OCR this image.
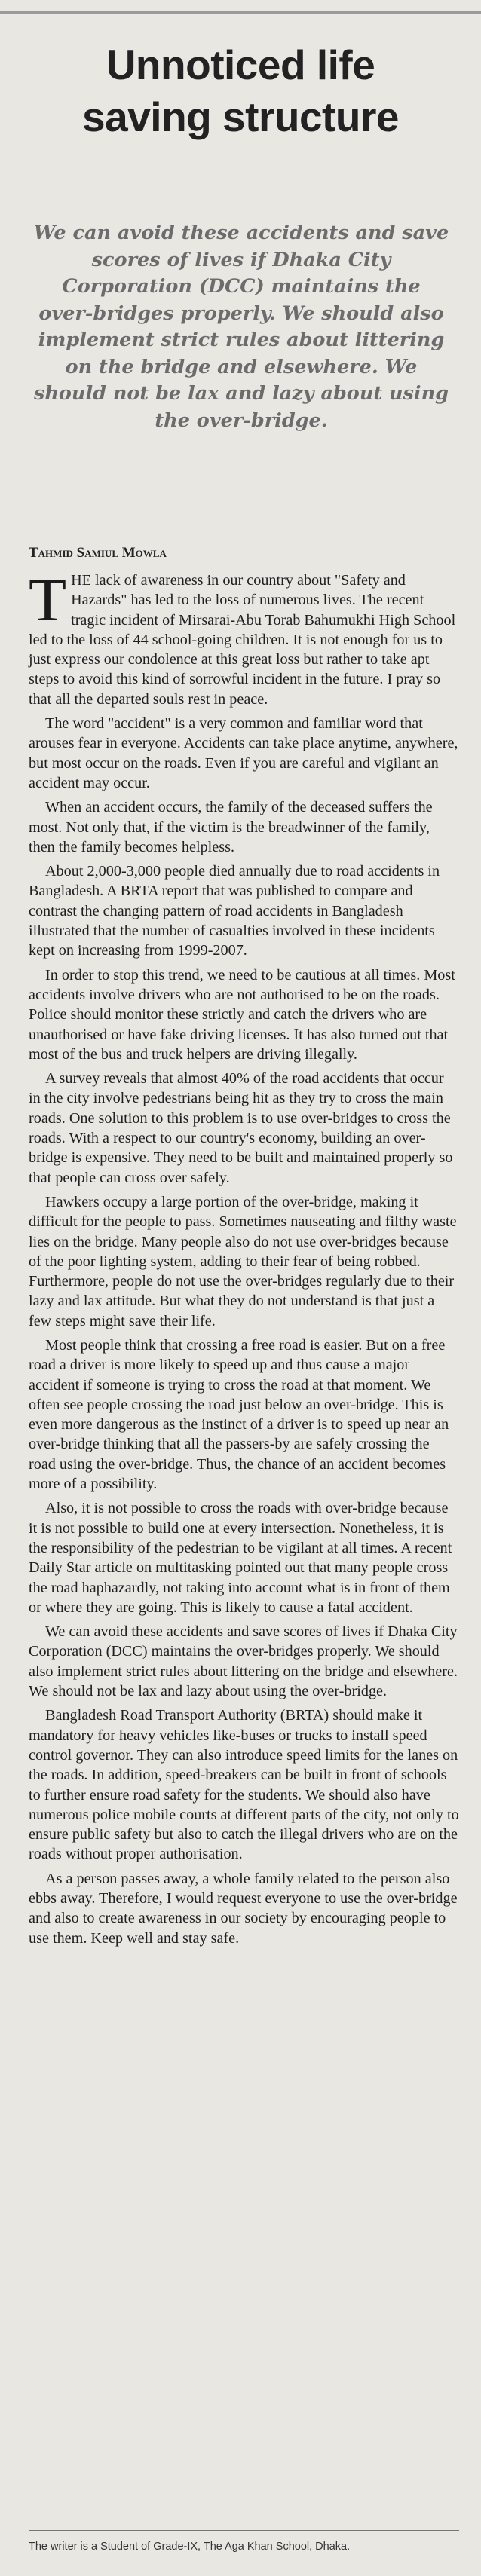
Unnoticed life
saving structure
We can avoid these accidents and save scores of lives if Dhaka City Corporation (DCC) maintains the over-bridges properly. We should also implement strict rules about littering on the bridge and elsewhere. We should not be lax and lazy about using the over-bridge.
Tahmid Samiul Mowla

THE lack of awareness in our country about "Safety and Hazards" has led to the loss of numerous lives. The recent tragic incident of Mirsarai-Abu Torab Bahumukhi High School led to the loss of 44 school-going children. It is not enough for us to just express our condolence at this great loss but rather to take apt steps to avoid this kind of sorrowful incident in the future. I pray so that all the departed souls rest in peace.

The word "accident" is a very common and familiar word that arouses fear in everyone. Accidents can take place anytime, anywhere, but most occur on the roads. Even if you are careful and vigilant an accident may occur.

When an accident occurs, the family of the deceased suffers the most. Not only that, if the victim is the breadwinner of the family, then the family becomes helpless.

About 2,000-3,000 people died annually due to road accidents in Bangladesh. A BRTA report that was published to compare and contrast the changing pattern of road accidents in Bangladesh illustrated that the number of casualties involved in these incidents kept on increasing from 1999-2007.

In order to stop this trend, we need to be cautious at all times. Most accidents involve drivers who are not authorised to be on the roads. Police should monitor these strictly and catch the drivers who are unauthorised or have fake driving licenses. It has also turned out that most of the bus and truck helpers are driving illegally.

A survey reveals that almost 40% of the road accidents that occur in the city involve pedestrians being hit as they try to cross the main roads. One solution to this problem is to use over-bridges to cross the roads. With a respect to our country's economy, building an over-bridge is expensive. They need to be built and maintained properly so that people can cross over safely.

Hawkers occupy a large portion of the over-bridge, making it difficult for the people to pass. Sometimes nauseating and filthy waste lies on the bridge. Many people also do not use over-bridges because of the poor lighting system, adding to their fear of being robbed. Furthermore, people do not use the over-bridges regularly due to their lazy and lax attitude. But what they do not understand is that just a few steps might save their life.

Most people think that crossing a free road is easier. But on a free road a driver is more likely to speed up and thus cause a major accident if someone is trying to cross the road at that moment. We often see people crossing the road just below an over-bridge. This is even more dangerous as the instinct of a driver is to speed up near an over-bridge thinking that all the passers-by are safely crossing the road using the over-bridge. Thus, the chance of an accident becomes more of a possibility.

Also, it is not possible to cross the roads with over-bridge because it is not possible to build one at every intersection. Nonetheless, it is the responsibility of the pedestrian to be vigilant at all times. A recent Daily Star article on multitasking pointed out that many people cross the road haphazardly, not taking into account what is in front of them or where they are going. This is likely to cause a fatal accident.

We can avoid these accidents and save scores of lives if Dhaka City Corporation (DCC) maintains the over-bridges properly. We should also implement strict rules about littering on the bridge and elsewhere. We should not be lax and lazy about using the over-bridge.

Bangladesh Road Transport Authority (BRTA) should make it mandatory for heavy vehicles like-buses or trucks to install speed control governor. They can also introduce speed limits for the lanes on the roads. In addition, speed-breakers can be built in front of schools to further ensure road safety for the students. We should also have numerous police mobile courts at different parts of the city, not only to ensure public safety but also to catch the illegal drivers who are on the roads without proper authorisation.

As a person passes away, a whole family related to the person also ebbs away. Therefore, I would request everyone to use the over-bridge and also to create awareness in our society by encouraging people to use them. Keep well and stay safe.

The writer is a Student of Grade-IX, The Aga Khan School, Dhaka.
